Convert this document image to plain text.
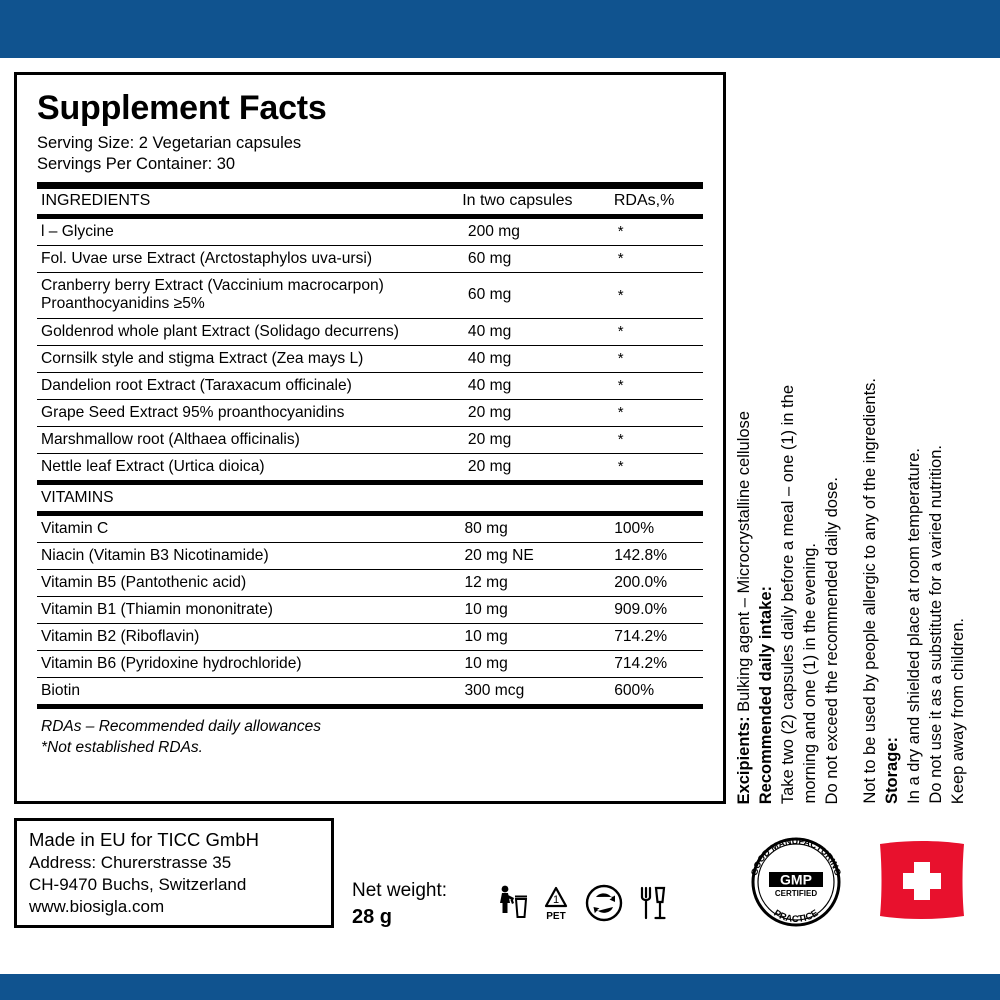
Supplement Facts
Serving Size: 2 Vegetarian capsules
Servings Per Container: 30
INGREDIENTS	In two capsules	RDAs,%
l – Glycine	200 mg	*
Fol. Uvae urse Extract (Arctostaphylos uva-ursi)	60 mg	*
Cranberry berry Extract (Vaccinium macrocarpon) Proanthocyanidins ≥5%	60 mg	*
Goldenrod whole plant Extract (Solidago decurrens)	40 mg	*
Cornsilk style and stigma Extract (Zea mays L)	40 mg	*
Dandelion root Extract (Taraxacum officinale)	40 mg	*
Grape Seed Extract 95% proanthocyanidins	20 mg	*
Marshmallow root (Althaea officinalis)	20 mg	*
Nettle leaf Extract (Urtica dioica)	20 mg	*
VITAMINS		
Vitamin C	80 mg	100%
Niacin (Vitamin B3 Nicotinamide)	20 mg NE	142.8%
Vitamin B5 (Pantothenic acid)	12 mg	200.0%
Vitamin B1 (Thiamin mononitrate)	10 mg	909.0%
Vitamin B2 (Riboflavin)	10 mg	714.2%
Vitamin B6 (Pyridoxine hydrochloride)	10 mg	714.2%
Biotin	300 mcg	600%
RDAs – Recommended daily allowances
*Not established RDAs.	Excipients: Bulking agent – Microcrystalline cellulose Recommended daily intake: Take two (2) capsules daily before a meal – one (1) in the morning and one (1) in the evening. Do not exceed the recommended daily dose. Not to be used by people allergic to any of the ingredients. Storage: In a dry and shielded place at room temperature. Do not use it as a substitute for a varied nutrition. Keep away from children.
Made in EU for TICC GmbH
Address: Churerstrasse 35
CH-9470 Buchs, Switzerland
www.biosigla.com
Net weight:
28 g
1
PET
GOOD MANUFACTURING
PRACTICE
GMP
CERTIFIED
